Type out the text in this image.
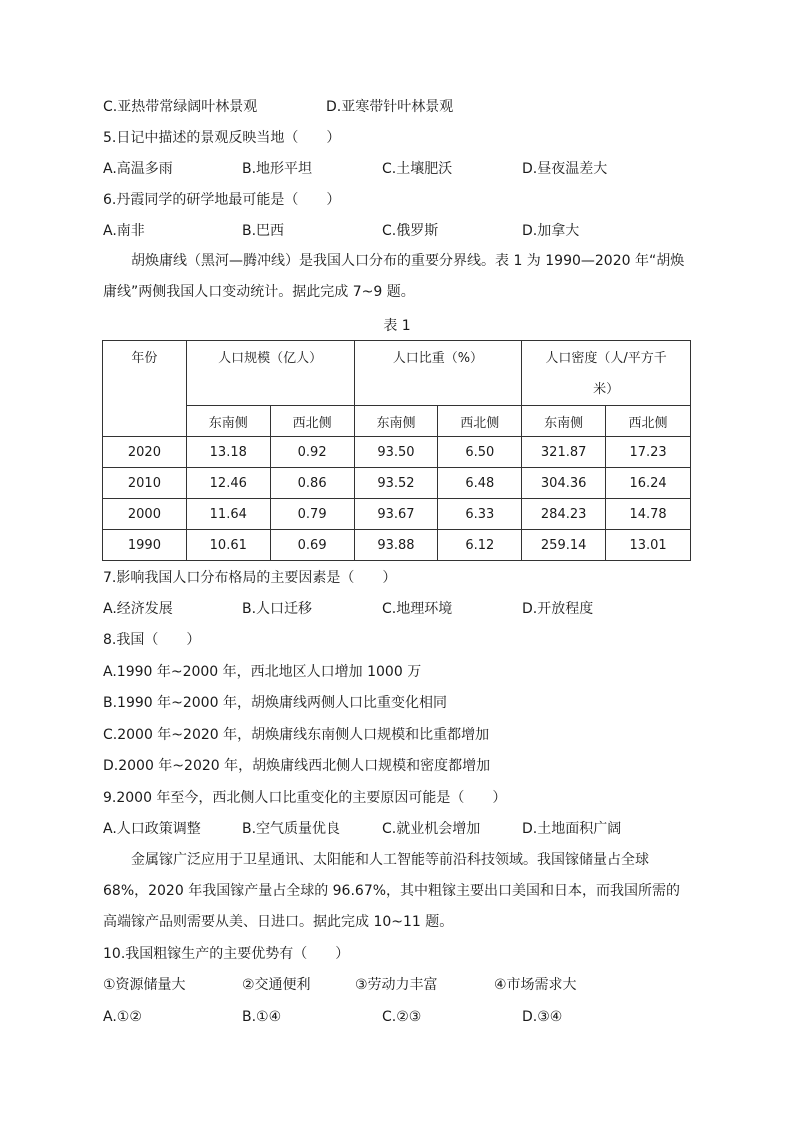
C.亚热带常绿阔叶林景观	D.亚寒带针叶林景观
5.日记中描述的景观反映当地（　　）
A.高温多雨	B.地形平坦	C.土壤肥沃	D.昼夜温差大
6.丹霞同学的研学地最可能是（　　）
A.南非	B.巴西	C.俄罗斯	D.加拿大
胡焕庸线（黑河—腾冲线）是我国人口分布的重要分界线。表 1 为 1990—2020 年“胡焕庸线”两侧我国人口变动统计。据此完成 7~9 题。
表 1
年份	人口规模（亿人）		人口比重（%）		人口密度（人/平方千米）	
	东南侧	西北侧	东南侧	西北侧	东南侧	西北侧
2020	13.18	0.92	93.50	6.50	321.87	17.23
2010	12.46	0.86	93.52	6.48	304.36	16.24
2000	11.64	0.79	93.67	6.33	284.23	14.78
1990	10.61	0.69	93.88	6.12	259.14	13.01
7.影响我国人口分布格局的主要因素是（　　）
A.经济发展	B.人口迁移	C.地理环境	D.开放程度
8.我国（　　）
A.1990 年~2000 年，西北地区人口增加 1000 万
B.1990 年~2000 年，胡焕庸线两侧人口比重变化相同
C.2000 年~2020 年，胡焕庸线东南侧人口规模和比重都增加
D.2000 年~2020 年，胡焕庸线西北侧人口规模和密度都增加
9.2000 年至今，西北侧人口比重变化的主要原因可能是（　　）
A.人口政策调整	B.空气质量优良	C.就业机会增加	D.土地面积广阔
金属镓广泛应用于卫星通讯、太阳能和人工智能等前沿科技领域。我国镓储量占全球 68%，2020 年我国镓产量占全球的 96.67%，其中粗镓主要出口美国和日本，而我国所需的高端镓产品则需要从美、日进口。据此完成 10~11 题。
10.我国粗镓生产的主要优势有（　　）
①资源储量大	②交通便利	③劳动力丰富	④市场需求大
A.①②	B.①④	C.②③	D.③④
